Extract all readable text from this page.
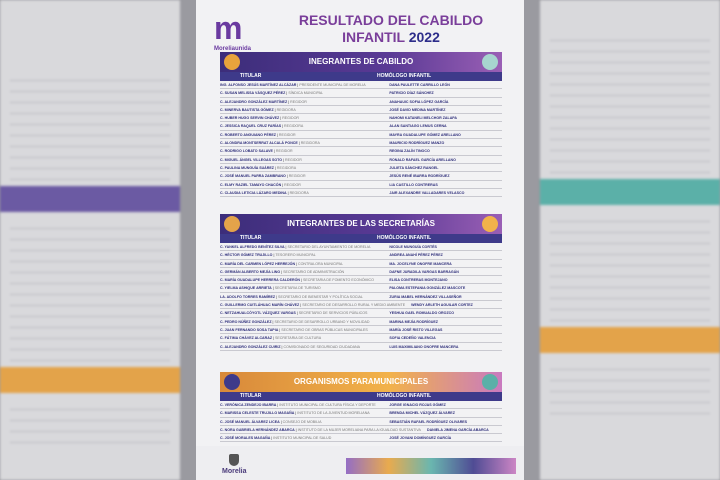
m
Moreliaunida
RESULTADO DEL CABILDO
INFANTIL 2022
INEGRANTES DE CABILDO
TITULAR	HOMÓLOGO INFANTIL
ING. ALFONSO JESÚS MARTÍNEZ ALCÁZAR | PRESIDENTE MUNICIPAL DE MORELIA	DANA PAULETTE CARRILLO LEÓN
C. SUSAN MELISSA VÁSQUEZ PÉREZ | SÍNDICA MUNICIPAL	PATRICIO DÍAZ SÁNCHEZ
C. ALEJANDRO GONZÁLEZ MARTÍNEZ | REGIDOR	ANAHAUIC SOFIA LÓPEZ GARCÍA
C. MINERVA BAUTISTA GÓMEZ | REGIDORA	JOSÉ DAVID MEDINA MARTÍNEZ
C. HUBER HUGO SERVIN CHÁVEZ | REGIDOR	NAHOMI KATANELI MELCHOR ZALAPA
C. JESSICA RAQUEL CRUZ FARÍAS | REGIDORA	ALAN SANTIAGO LEMUS CERNA
C. ROBERTO ANGUIANO PÉREZ | REGIDOR	MAYRA GUADALUPE GÓMEZ ARELLANO
C. ALONDRA MONTSERRAT ALCALÁ PONCE | REGIDORA	MAURICIO RODRÍGUEZ MANZO
C. RODRIGO LOBATO SALAVE | REGIDOR	REGINA ZALÍN TINOCO
C. MIGUEL ÁNGEL VILLEGAS SOTO | REGIDOR	RONALD RAFAEL GARCÍA ARELLANO
C. PAULINA MUNGUÍA SUÁREZ | REGIDORA	JULIETA SÁNCHEZ RANGEL
C. JOSÉ MANUEL PARRA ZAMBRANO | REGIDOR	JESÚS RENÉ IBARRA RODRÍGUEZ
C. ELMY RAZIEL TAMAYO CHACÓN | REGIDOR	LIA CASTILLO CONTRERAS
C. CLAUDIA LETICIA LÁZARO MEDINA | REGIDORA	JAIR ALEXANDRE VALLADARES VELASCO
INTEGRANTES DE LAS SECRETARÍAS
TITULAR	HOMÓLOGO INFANTIL
C. YANKEL ALFREDO BENÍTEZ SILVA | SECRETARIO DEL AYUNTAMIENTO DE MORELIA	NICOLE MUNGUÍA CORTÉS
C. HÉCTOR GÓMEZ TRUJILLO | TESORERO MUNICIPAL	ANDREA ANAHÍ PÉREZ PÉREZ
C. MARÍA DEL CARMEN LÓPEZ HERREJÓN | CONTRALORA MUNICIPAL	MA. JOCELYNE ONOFRE MANCERA
C. GERMÁN ALBERTO MEJÍA LINO | SECRETARIO DE ADMINISTRACIÓN	DAFNE JURADILA VARGAS BARRAGÁN
C. MARÍA GUADALUPE HERRERA CALDERÓN | SECRETARIA DE FOMENTO ECONÓMICO	ELISA CONTRERAS MONTEJANO
C. YIELMA ASHIQUE ARRIETA | SECRETARIA DE TURISMO	PALOMA ESTEFANIA GONZÁLEZ MASCOTE
LA. ADOLFO TORRES RAMÍREZ | SECRETARIO DE BIENESTAR Y POLÍTICA SOCIAL	ZURIA MABEL HERNÁNDEZ VILLASEÑOR
C. GUILLERMO CUITLÁHUAC MARÍN CHÁVEZ | SECRETARIO DE DESARROLLO RURAL Y MEDIO AMBIENTE	WENDY ARLETH AGUILAR CORTEZ
C. NETZAHUALCÓYOTL VÁZQUEZ VARGAS | SECRETARIO DE SERVICIOS PÚBLICOS	YESHUA GAEL ROMUALDO OROZCO
C. PEDRO NÚÑEZ GONZÁLEZ | SECRETARIO DE DESARROLLO URBANO Y MOVILIDAD	MARINA MEJÍA RODRÍGUEZ
C. JUAN FERNANDO SOSA TAPIA | SECRETARIO DE OBRAS PÚBLICAS MUNICIPALES	MARÍA JOSÉ RISTO VILLEGAS
C. FÁTIMA CHÁVEZ ALCARAZ | SECRETARIA DE CULTURA	SOFIA CEDEÑO VALENCIA
C. ALEJANDRO GONZÁLEZ CUIRIZ | COMISIONADO DE SEGURIDAD CIUDADANA	LUIS MAXIMILIANO ONOFRE MANCERA
ORGANISMOS PARAMUNICIPALES
TITULAR	HOMÓLOGO INFANTIL
C. VERÓNICA ZENDEJO IBARRA | INSTITUTO MUNICIPAL DE CULTURA FÍSICA Y DEPORTE	JORGE IGNACIO ROJAS GÓMEZ
C. MARISSA CELESTE TRUJILLO MAGAÑA | INSTITUTO DE LA JUVENTUD MORELIANA	BRENDA MICHEL VÁZQUEZ ÁLVAREZ
C. JOSÉ MANUEL ÁLVAREZ LICEA | CONSEJO DE MOBILIA	SEBASTIÁN RAFAEL RODRÍGUEZ OLIVARES
C. NORA GABRIELA HERNÁNDEZ ABARCA | INSTITUTO DE LA MUJER MORELIANA PARA LA IGUALDAD SUSTANTIVA	DANIELA JIMENA GARCÍA ABARCA
C. JOSÉ MORALES MAGAÑA | INSTITUTO MUNICIPAL DE SALUD	JOSÉ JOVANI DOMÍNGUEZ GARCÍA
Morelia
